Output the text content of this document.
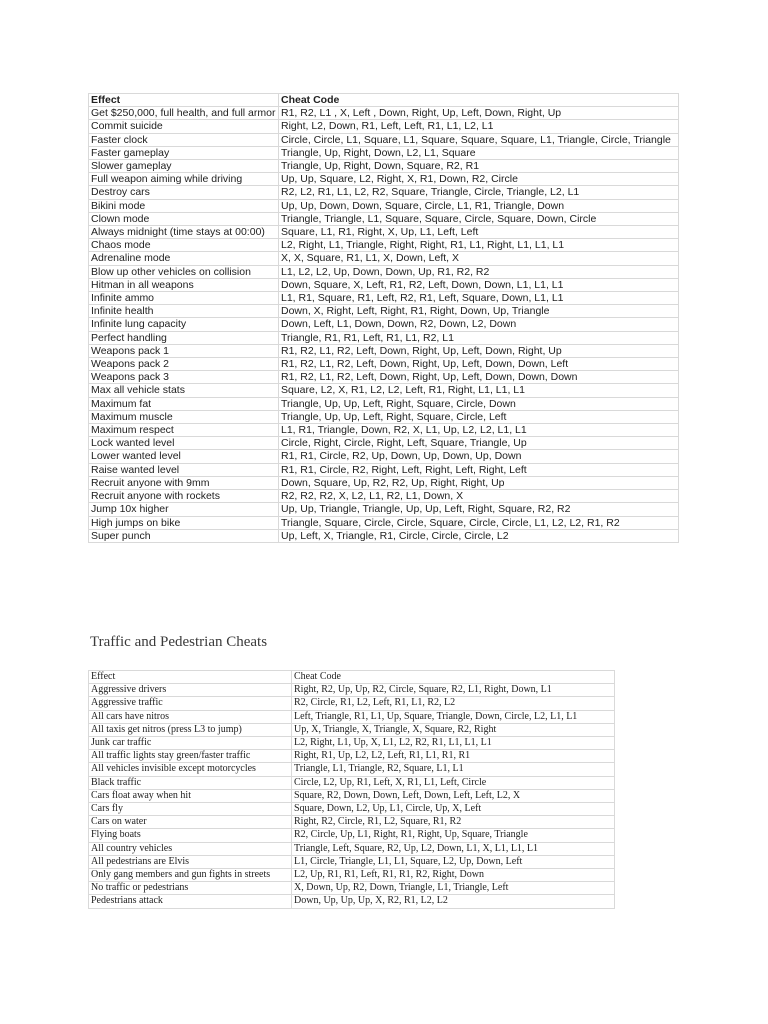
Effect	Cheat Code
Get $250,000, full health, and full armor	R1, R2, L1 , X, Left , Down, Right, Up, Left, Down, Right, Up
Commit suicide	Right, L2, Down, R1, Left, Left, R1, L1, L2, L1
Faster clock	Circle, Circle, L1, Square, L1, Square, Square, Square, L1, Triangle, Circle, Triangle
Faster gameplay	Triangle, Up, Right, Down, L2, L1, Square
Slower gameplay	Triangle, Up, Right, Down, Square, R2, R1
Full weapon aiming while driving	Up, Up, Square, L2, Right, X, R1, Down, R2, Circle
Destroy cars	R2, L2, R1, L1, L2, R2, Square, Triangle, Circle, Triangle, L2, L1
Bikini mode	Up, Up, Down, Down, Square, Circle, L1, R1, Triangle, Down
Clown mode	Triangle, Triangle, L1, Square, Square, Circle, Square, Down, Circle
Always midnight (time stays at 00:00)	Square, L1, R1, Right, X, Up, L1, Left, Left
Chaos mode	L2, Right, L1, Triangle, Right, Right, R1, L1, Right, L1, L1, L1
Adrenaline mode	X, X, Square, R1, L1, X, Down, Left, X
Blow up other vehicles on collision	L1, L2, L2, Up, Down, Down, Up, R1, R2, R2
Hitman in all weapons	Down, Square, X, Left, R1, R2, Left, Down, Down, L1, L1, L1
Infinite ammo	L1, R1, Square, R1, Left, R2, R1, Left, Square, Down, L1, L1
Infinite health	Down, X, Right, Left, Right, R1, Right, Down, Up, Triangle
Infinite lung capacity	Down, Left, L1, Down, Down, R2, Down, L2, Down
Perfect handling	Triangle, R1, R1, Left, R1, L1, R2, L1
Weapons pack 1	R1, R2, L1, R2, Left, Down, Right, Up, Left, Down, Right, Up
Weapons pack 2	R1, R2, L1, R2, Left, Down, Right, Up, Left, Down, Down, Left
Weapons pack 3	R1, R2, L1, R2, Left, Down, Right, Up, Left, Down, Down, Down
Max all vehicle stats	Square, L2, X, R1, L2, L2, Left, R1, Right, L1, L1, L1
Maximum fat	Triangle, Up, Up, Left, Right, Square, Circle, Down
Maximum muscle	Triangle, Up, Up, Left, Right, Square, Circle, Left
Maximum respect	L1, R1, Triangle, Down, R2, X, L1, Up, L2, L2, L1, L1
Lock wanted level	Circle, Right, Circle, Right, Left, Square, Triangle, Up
Lower wanted level	R1, R1, Circle, R2, Up, Down, Up, Down, Up, Down
Raise wanted level	R1, R1, Circle, R2, Right, Left, Right, Left, Right, Left
Recruit anyone with 9mm	Down, Square, Up, R2, R2, Up, Right, Right, Up
Recruit anyone with rockets	R2, R2, R2, X, L2, L1, R2, L1, Down, X
Jump 10x higher	Up, Up, Triangle, Triangle, Up, Up, Left, Right, Square, R2, R2
High jumps on bike	Triangle, Square, Circle, Circle, Square, Circle, Circle, L1, L2, L2, R1, R2
Super punch	Up, Left, X, Triangle, R1, Circle, Circle, Circle, L2
Traffic and Pedestrian Cheats
Effect	Cheat Code
Aggressive drivers	Right, R2, Up, Up, R2, Circle, Square, R2, L1, Right, Down, L1
Aggressive traffic	R2, Circle, R1, L2, Left, R1, L1, R2, L2
All cars have nitros	Left, Triangle, R1, L1, Up, Square, Triangle, Down, Circle, L2, L1, L1
All taxis get nitros (press L3 to jump)	Up, X, Triangle, X, Triangle, X, Square, R2, Right
Junk car traffic	L2, Right, L1, Up, X, L1, L2, R2, R1, L1, L1, L1
All traffic lights stay green/faster traffic	Right, R1, Up, L2, L2, Left, R1, L1, R1, R1
All vehicles invisible except motorcycles	Triangle, L1, Triangle, R2, Square, L1, L1
Black traffic	Circle, L2, Up, R1, Left, X, R1, L1, Left, Circle
Cars float away when hit	Square, R2, Down, Down, Left, Down, Left, Left, L2, X
Cars fly	Square, Down, L2, Up, L1, Circle, Up, X, Left
Cars on water	Right, R2, Circle, R1, L2, Square, R1, R2
Flying boats	R2, Circle, Up, L1, Right, R1, Right, Up, Square, Triangle
All country vehicles	Triangle, Left, Square, R2, Up, L2, Down, L1, X, L1, L1, L1
All pedestrians are Elvis	L1, Circle, Triangle, L1, L1, Square, L2, Up, Down, Left
Only gang members and gun fights in streets	L2, Up, R1, R1, Left, R1, R1, R2, Right, Down
No traffic or pedestrians	X, Down, Up, R2, Down, Triangle, L1, Triangle, Left
Pedestrians attack	Down, Up, Up, Up, X, R2, R1, L2, L2
